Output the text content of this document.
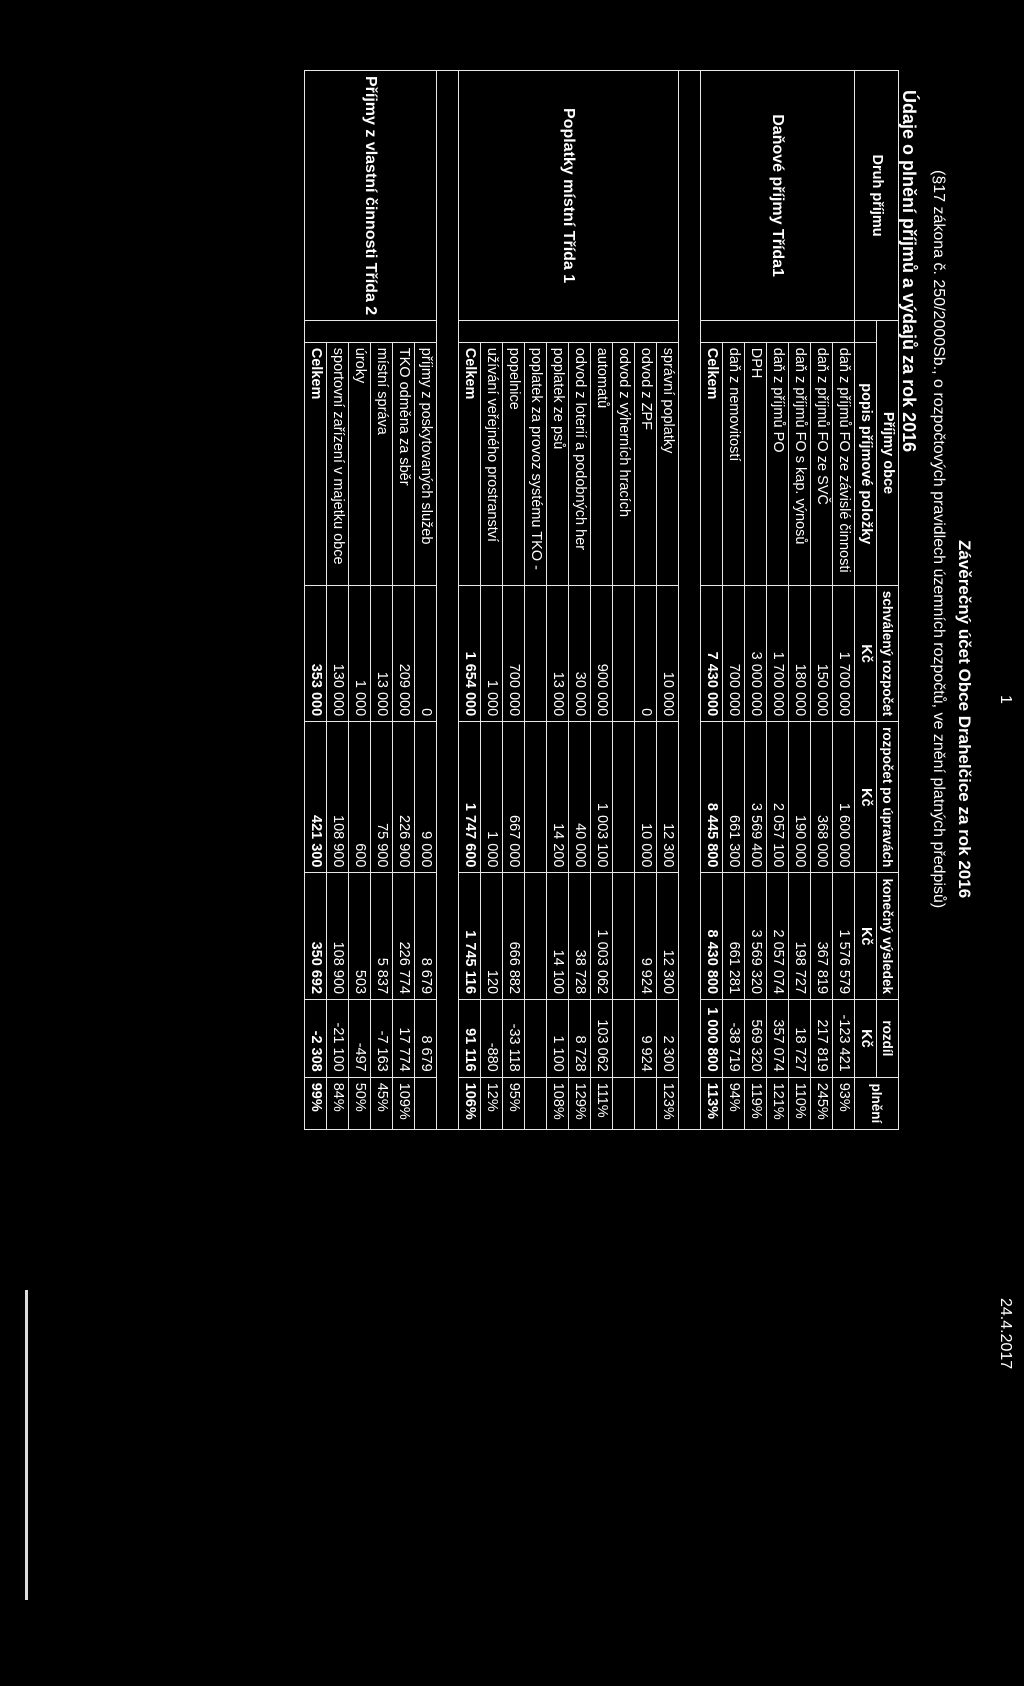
1
24.4.2017
Závěrečný účet Obce Drahelčice za rok 2016
(§17 zákona č. 250/2000Sb., o rozpočtových pravidlech územních rozpočtů, ve znění platných předpisů)
Údaje o plnění příjmů a výdajů za rok 2016
Druh příjmu	Příjmy obce		schválený rozpočet	rozpočet po úpravách	konečný výsledek	rozdíl	plnění
		popis příjmové položky	Kč	Kč	Kč	Kč	
Daňové příjmy Třída1		daň z příjmů FO ze závislé činnosti	1 700 000	1 600 000	1 576 579	-123 421	93%
		daň z příjmů FO ze SVČ	150 000	368 000	367 819	217 819	245%
		daň z příjmů FO s kap. výnosů	180 000	190 000	198 727	18 727	110%
		daň z příjmů PO	1 700 000	2 057 100	2 057 074	357 074	121%
		DPH	3 000 000	3 569 400	3 569 320	569 320	119%
		daň z nemovitostí	700 000	661 300	661 281	-38 719	94%
		Celkem	7 430 000	8 445 800	8 430 800	1 000 800	113%

Poplatky místní Třída 1		správní poplatky	10 000	12 300	12 300	2 300	123%
		odvod z ZPF	0	10 000	9 924	9 924	
		odvod z výherních hracích					
		automatů	900 000	1 003 100	1 003 062	103 062	111%
		odvod z loterií a podobných her	30 000	40 000	38 728	8 728	129%
		poplatek ze psů	13 000	14 200	14 100	1 100	108%
		poplatek za provoz systému TKO -					
		popelnice	700 000	667 000	666 882	-33 118	95%
		užívání veřejného prostranství	1 000	1 000	120	-880	12%
		Celkem	1 654 000	1 747 600	1 745 116	91 116	106%

Příjmy z vlastní činnosti Třída 2		příjmy z poskytovaných služeb	0	9 000	8 679	8 679	
		TKO odměna za sběr	209 000	226 900	226 774	17 774	109%
		místní správa	13 000	75 900	5 837	-7 163	45%
		úroky	1 000	600	503	-497	50%
		sportovní zařízení v majetku obce	130 000	108 900	108 900	-21 100	84%
		Celkem	353 000	421 300	350 692	-2 308	99%
